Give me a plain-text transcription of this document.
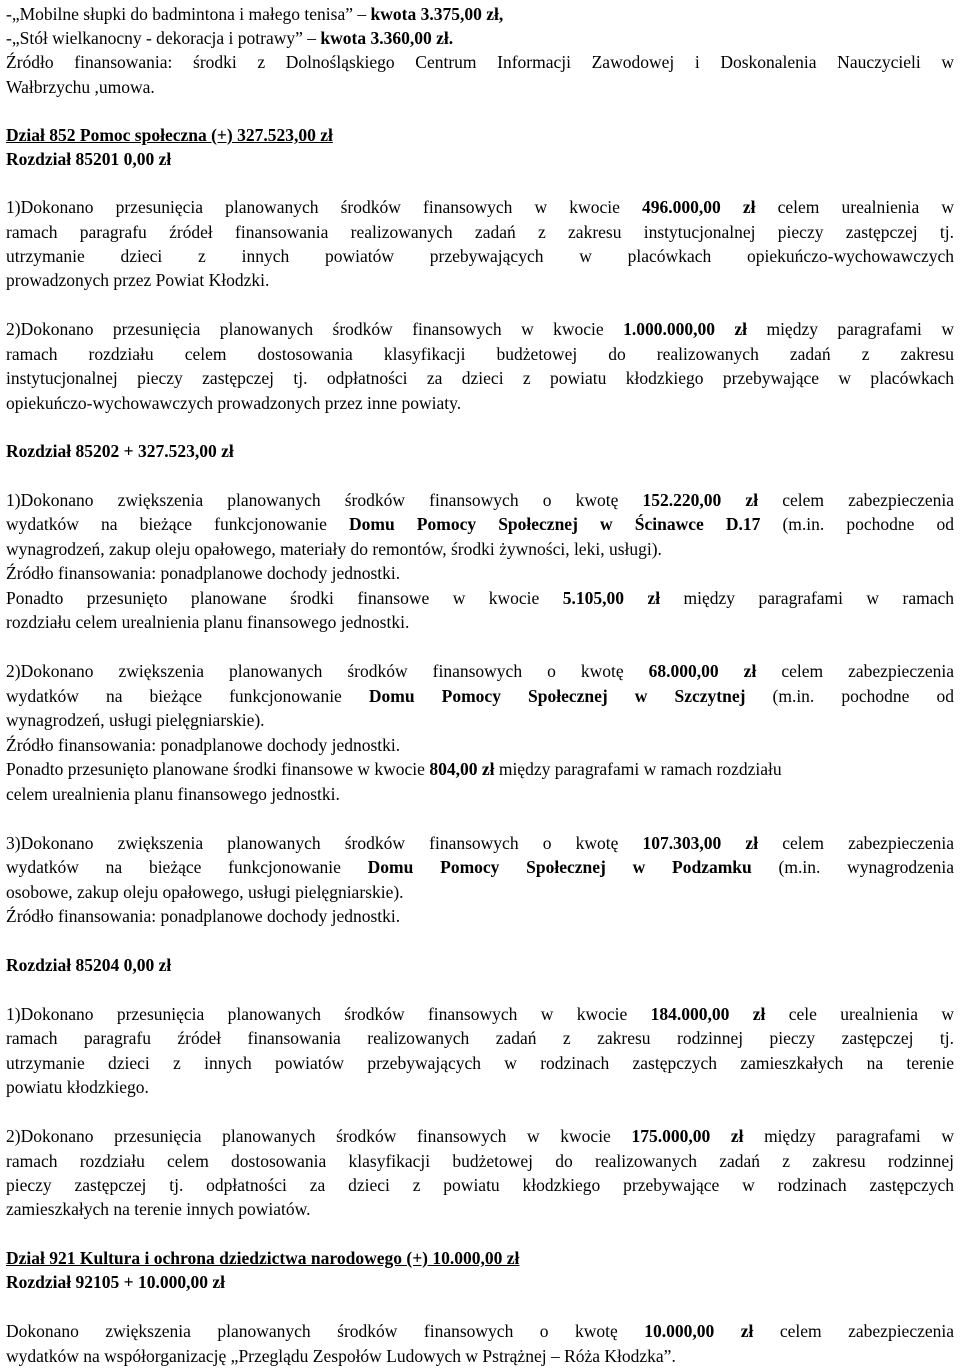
-„Mobilne słupki do badmintona i małego tenisa” – kwota 3.375,00 zł,
-„Stół wielkanocny - dekoracja i potrawy” – kwota 3.360,00 zł.
Źródło finansowania: środki z Dolnośląskiego Centrum Informacji Zawodowej i Doskonalenia Nauczycieli w
Wałbrzychu ,umowa.
Dział 852 Pomoc społeczna (+) 327.523,00 zł
Rozdział 85201 0,00 zł
1)Dokonano przesunięcia planowanych środków finansowych w kwocie 496.000,00 zł celem urealnienia w
ramach paragrafu źródeł finansowania realizowanych zadań z zakresu instytucjonalnej pieczy zastępczej tj.
utrzymanie dzieci z innych powiatów przebywających w placówkach opiekuńczo-wychowawczych
prowadzonych przez Powiat Kłodzki.
2)Dokonano przesunięcia planowanych środków finansowych w kwocie 1.000.000,00 zł między paragrafami w
ramach rozdziału celem dostosowania klasyfikacji budżetowej do realizowanych zadań z zakresu
instytucjonalnej pieczy zastępczej tj. odpłatności za dzieci z powiatu kłodzkiego przebywające w placówkach
opiekuńczo-wychowawczych prowadzonych przez inne powiaty.
Rozdział 85202 + 327.523,00 zł
1)Dokonano zwiększenia planowanych środków finansowych o kwotę 152.220,00 zł celem zabezpieczenia
wydatków na bieżące funkcjonowanie Domu Pomocy Społecznej w Ścinawce D.17 (m.in. pochodne od
wynagrodzeń, zakup oleju opałowego, materiały do remontów, środki żywności, leki, usługi).
Źródło finansowania: ponadplanowe dochody jednostki.
Ponadto przesunięto planowane środki finansowe w kwocie 5.105,00 zł między paragrafami w ramach
rozdziału celem urealnienia planu finansowego jednostki.
2)Dokonano zwiększenia planowanych środków finansowych o kwotę 68.000,00 zł celem zabezpieczenia
wydatków na bieżące funkcjonowanie Domu Pomocy Społecznej w Szczytnej (m.in. pochodne od
wynagrodzeń, usługi pielęgniarskie).
Źródło finansowania: ponadplanowe dochody jednostki.
Ponadto przesunięto planowane środki finansowe w kwocie 804,00 zł między paragrafami w ramach rozdziału
celem urealnienia planu finansowego jednostki.
3)Dokonano zwiększenia planowanych środków finansowych o kwotę 107.303,00 zł celem zabezpieczenia
wydatków na bieżące funkcjonowanie Domu Pomocy Społecznej w Podzamku (m.in. wynagrodzenia
osobowe, zakup oleju opałowego, usługi pielęgniarskie).
Źródło finansowania: ponadplanowe dochody jednostki.
Rozdział 85204 0,00 zł
1)Dokonano przesunięcia planowanych środków finansowych w kwocie 184.000,00 zł cele urealnienia w
ramach paragrafu źródeł finansowania realizowanych zadań z zakresu rodzinnej pieczy zastępczej tj.
utrzymanie dzieci z innych powiatów przebywających w rodzinach zastępczych zamieszkałych na terenie
powiatu kłodzkiego.
2)Dokonano przesunięcia planowanych środków finansowych w kwocie 175.000,00 zł między paragrafami w
ramach rozdziału celem dostosowania klasyfikacji budżetowej do realizowanych zadań z zakresu rodzinnej
pieczy zastępczej tj. odpłatności za dzieci z powiatu kłodzkiego przebywające w rodzinach zastępczych
zamieszkałych na terenie innych powiatów.
Dział 921 Kultura i ochrona dziedzictwa narodowego (+) 10.000,00 zł
Rozdział 92105 + 10.000,00 zł
Dokonano zwiększenia planowanych środków finansowych o kwotę 10.000,00 zł celem zabezpieczenia
wydatków na współorganizację „Przeglądu Zespołów Ludowych w Pstrążnej – Róża Kłodzka”.
